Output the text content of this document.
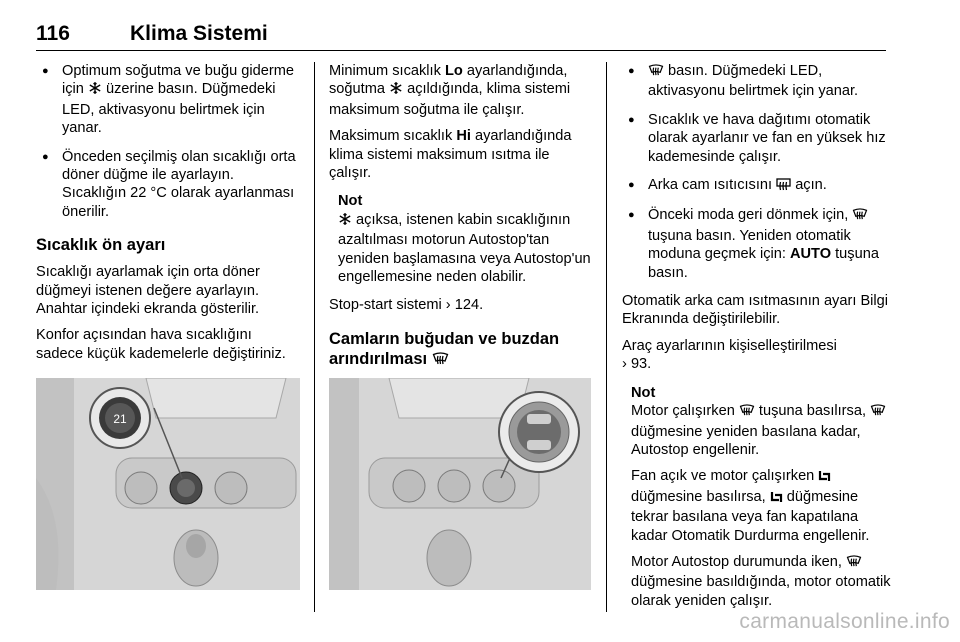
116	Klima Sistemi
● Optimum soğutma ve buğu giderme için  üzerine basın. Düğmedeki LED, aktivasyonu belirtmek için yanar.
● Önceden seçilmiş olan sıcaklığı orta döner düğme ile ayarlayın. Sıcaklığın 22 °C olarak ayarlanması önerilir.
Sıcaklık ön ayarı

Sıcaklığı ayarlamak için orta döner düğmeyi istenen değere ayarlayın. Anahtar içindeki ekranda gösterilir.

Konfor açısından hava sıcaklığını sadece küçük kademelerle değiştiriniz.

Minimum sıcaklık Lo ayarlandığında, soğutma  açıldığında, klima sistemi maksimum soğutma ile çalışır.

Maksimum sıcaklık Hi ayarlandığında klima sistemi maksimum ısıtma ile çalışır.

Not
açıksa, istenen kabin sıcaklığının azaltılması motorun Autostop'tan yeniden başlamasına veya Autostop'un engellemesine neden olabilir.

Stop-start sistemi › 124.

Camların buğudan ve buzdan arındırılması
21
● basın. Düğmedeki LED, aktivasyonu belirtmek için yanar.
● Sıcaklık ve hava dağıtımı otomatik olarak ayarlanır ve fan en yüksek hız kademesinde çalışır.
● Arka cam ısıtıcısını  açın.
● Önceki moda geri dönmek için,  tuşuna basın. Yeniden otomatik moduna geçmek için: AUTO tuşuna basın.

Otomatik arka cam ısıtmasının ayarı Bilgi Ekranında değiştirilebilir.

Araç ayarlarının kişiselleştirilmesi
› 93.

Not

Motor çalışırken  tuşuna basılırsa,  düğmesine yeniden basılana kadar, Autostop engellenir.

Fan açık ve motor çalışırken  düğmesine basılırsa,  düğmesine tekrar basılana veya fan kapatılana kadar Otomatik Durdurma engellenir.

Motor Autostop durumunda iken,  düğmesine basıldığında, motor otomatik olarak yeniden çalışır.

carmanualsonline.info
